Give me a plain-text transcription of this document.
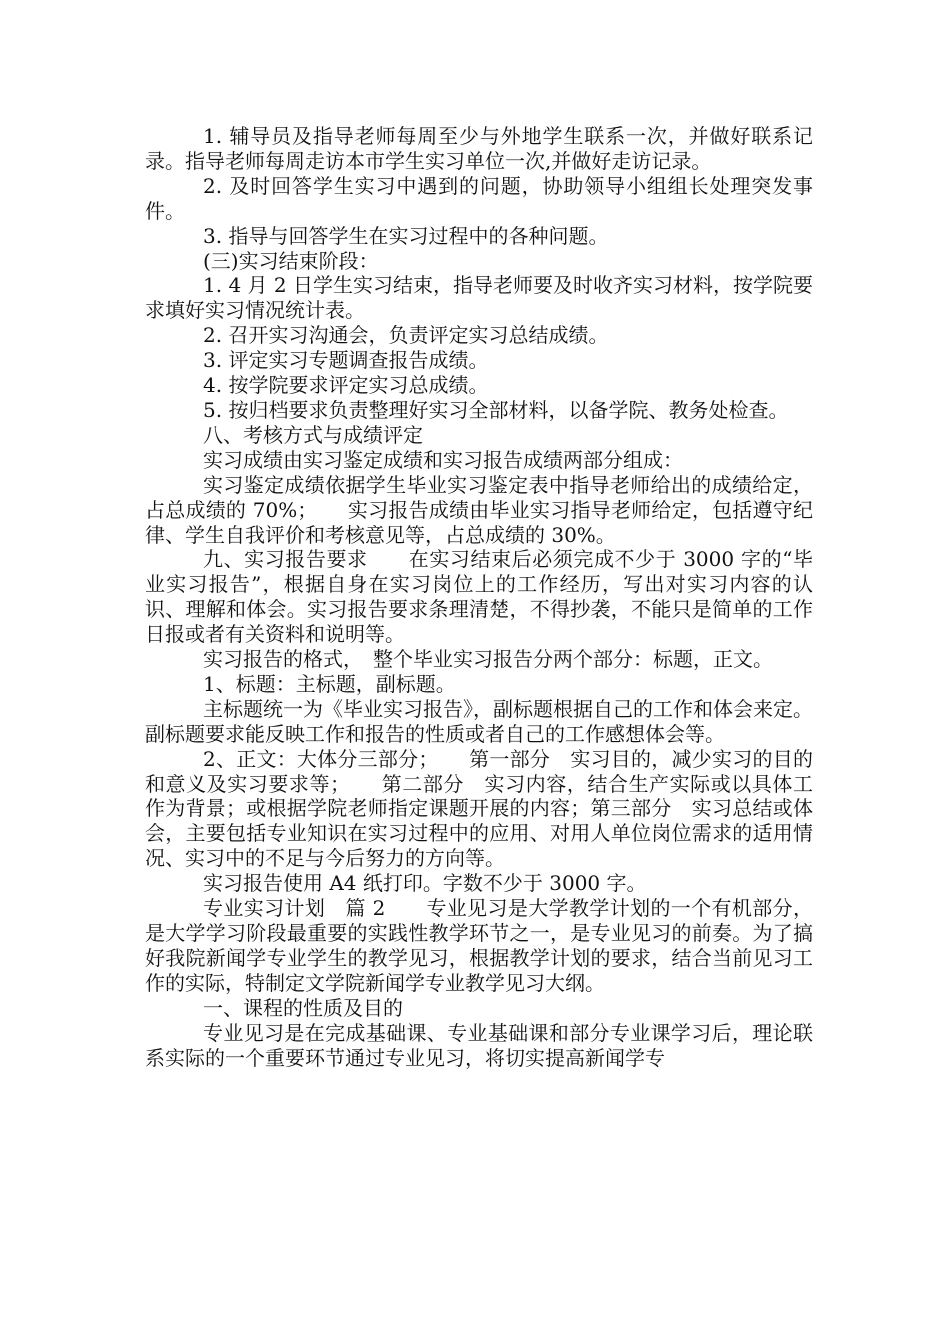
1. 辅导员及指导老师每周至少与外地学生联系一次，并做好联系记录。指导老师每周走访本市学生实习单位一次,并做好走访记录。

2. 及时回答学生实习中遇到的问题，协助领导小组组长处理突发事件。

3. 指导与回答学生在实习过程中的各种问题。

(三)实习结束阶段：

1. 4 月 2 日学生实习结束，指导老师要及时收齐实习材料，按学院要求填好实习情况统计表。

2. 召开实习沟通会，负责评定实习总结成绩。

3. 评定实习专题调查报告成绩。

4. 按学院要求评定实习总成绩。

5. 按归档要求负责整理好实习全部材料，以备学院、教务处检查。

八、考核方式与成绩评定

实习成绩由实习鉴定成绩和实习报告成绩两部分组成：

实习鉴定成绩依据学生毕业实习鉴定表中指导老师给出的成绩给定，占总成绩的 70%；　　实习报告成绩由毕业实习指导老师给定，包括遵守纪律、学生自我评价和考核意见等，占总成绩的 30%。

九、实习报告要求　　在实习结束后必须完成不少于 3000 字的“毕业实习报告”，根据自身在实习岗位上的工作经历，写出对实习内容的认识、理解和体会。实习报告要求条理清楚，不得抄袭，不能只是简单的工作日报或者有关资料和说明等。

实习报告的格式，　整个毕业实习报告分两个部分：标题，正文。

1、标题：主标题，副标题。

主标题统一为《毕业实习报告》，副标题根据自己的工作和体会来定。副标题要求能反映工作和报告的性质或者自己的工作感想体会等。

2、正文：大体分三部分；　　第一部分　实习目的，减少实习的目的和意义及实习要求等；　　第二部分　实习内容，结合生产实际或以具体工作为背景；或根据学院老师指定课题开展的内容；第三部分　实习总结或体会，主要包括专业知识在实习过程中的应用、对用人单位岗位需求的适用情况、实习中的不足与今后努力的方向等。

实习报告使用 A4 纸打印。字数不少于 3000 字。

专业实习计划　篇 2　　专业见习是大学教学计划的一个有机部分，是大学学习阶段最重要的实践性教学环节之一，是专业见习的前奏。为了搞好我院新闻学专业学生的教学见习，根据教学计划的要求，结合当前见习工作的实际，特制定文学院新闻学专业教学见习大纲。

一、课程的性质及目的

专业见习是在完成基础课、专业基础课和部分专业课学习后，理论联系实际的一个重要环节通过专业见习，将切实提高新闻学专
